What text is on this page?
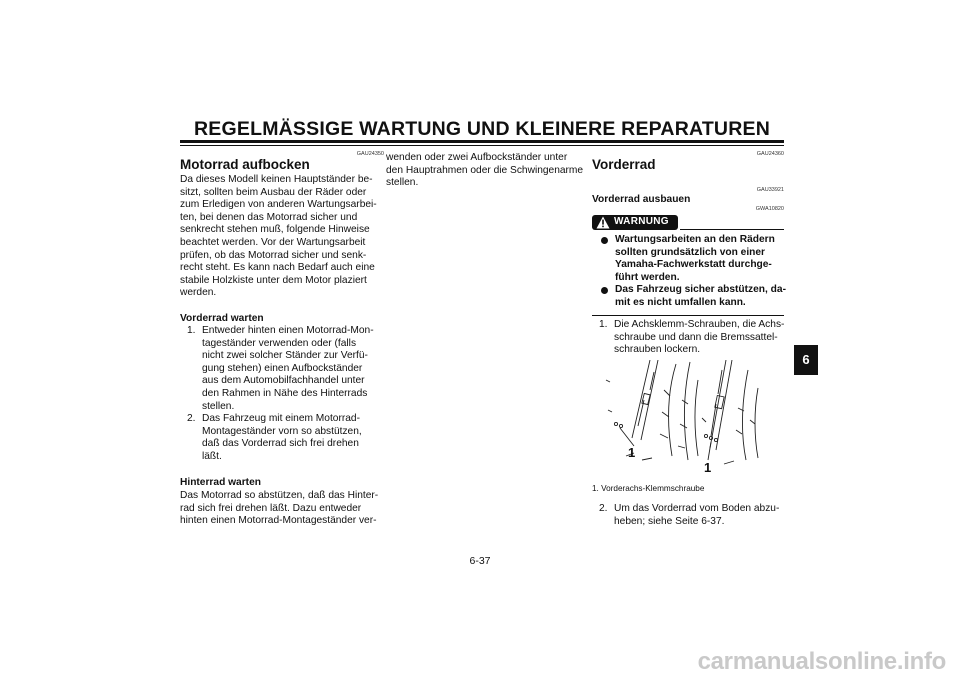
REGELMÄSSIGE WARTUNG UND KLEINERE REPARATUREN
GAU24350
Motorrad aufbocken
Da dieses Modell keinen Hauptständer be-
sitzt, sollten beim Ausbau der Räder oder
zum Erledigen von anderen Wartungsarbei-
ten, bei denen das Motorrad sicher und
senkrecht stehen muß, folgende Hinweise
beachtet werden. Vor der Wartungsarbeit
prüfen, ob das Motorrad sicher und senk-
recht steht. Es kann nach Bedarf auch eine
stabile Holzkiste unter dem Motor plaziert
werden.
Vorderrad warten
1. Entweder hinten einen Motorrad-Mon-
tageständer verwenden oder (falls
nicht zwei solcher Ständer zur Verfü-
gung stehen) einen Aufbockständer
aus dem Automobilfachhandel unter
den Rahmen in Nähe des Hinterrads
stellen.
2. Das Fahrzeug mit einem Motorrad-
Montageständer vorn so abstützen,
daß das Vorderrad sich frei drehen
läßt.
Hinterrad warten
Das Motorrad so abstützen, daß das Hinter-
rad sich frei drehen läßt. Dazu entweder
hinten einen Motorrad-Montageständer ver-
wenden oder zwei Aufbockständer unter
den Hauptrahmen oder die Schwingenarme
stellen.
GAU24360
Vorderrad
GAU33921
Vorderrad ausbauen
GWA10820
WARNUNG
Wartungsarbeiten an den Rädern
sollten grundsätzlich von einer
Yamaha-Fachwerkstatt durchge-
führt werden.
Das Fahrzeug sicher abstützen, da-
mit es nicht umfallen kann.
1. Die Achsklemm-Schrauben, die Achs-
schraube und dann die Bremssattel-
schrauben lockern.
1
1
1. Vorderachs-Klemmschraube
2. Um das Vorderrad vom Boden abzu-
heben; siehe Seite 6-37.
6
6-37
carmanualsonline.info
